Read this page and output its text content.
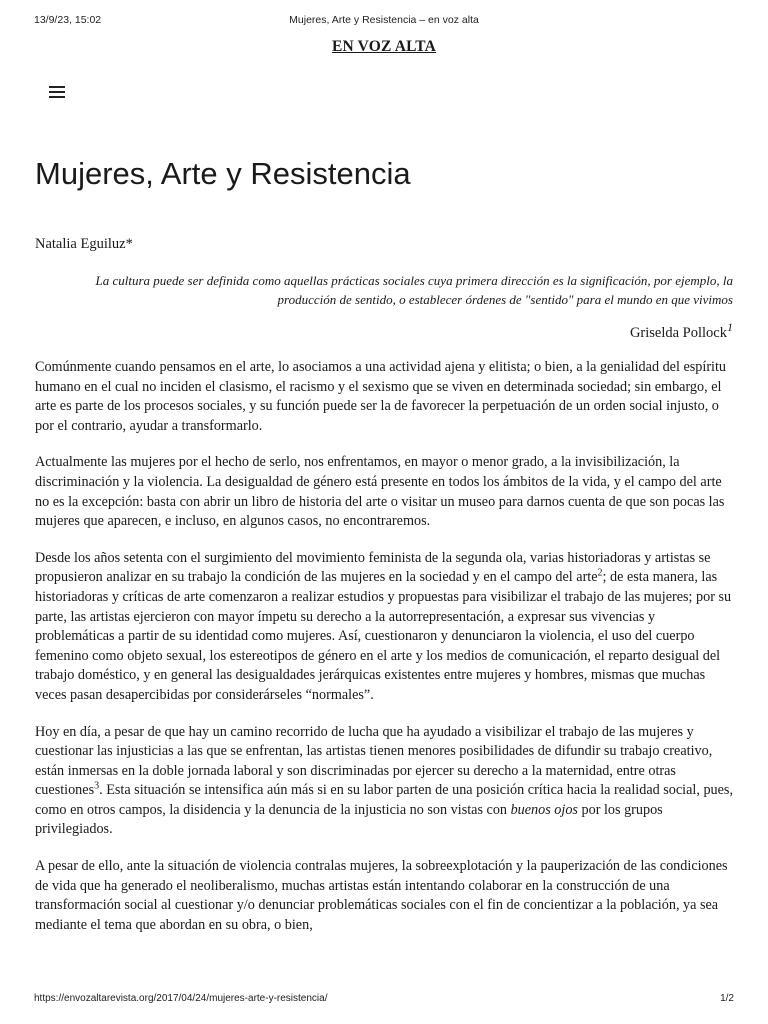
13/9/23, 15:02	Mujeres, Arte y Resistencia – en voz alta
EN VOZ ALTA
Mujeres, Arte y Resistencia
Natalia Eguiluz*
La cultura puede ser definida como aquellas prácticas sociales cuya primera dirección es la significación, por ejemplo, la producción de sentido, o establecer órdenes de "sentido" para el mundo en que vivimos
Griselda Pollock$^1$

Comúnmente cuando pensamos en el arte, lo asociamos a una actividad ajena y elitista; o bien, a la genialidad del espíritu humano en el cual no inciden el clasismo, el racismo y el sexismo que se viven en determinada sociedad; sin embargo, el arte es parte de los procesos sociales, y su función puede ser la de favorecer la perpetuación de un orden social injusto, o por el contrario, ayudar a transformarlo.

Actualmente las mujeres por el hecho de serlo, nos enfrentamos, en mayor o menor grado, a la invisibilización, la discriminación y la violencia. La desigualdad de género está presente en todos los ámbitos de la vida, y el campo del arte no es la excepción: basta con abrir un libro de historia del arte o visitar un museo para darnos cuenta de que son pocas las mujeres que aparecen, e incluso, en algunos casos, no encontraremos.

Desde los años setenta con el surgimiento del movimiento feminista de la segunda ola, varias historiadoras y artistas se propusieron analizar en su trabajo la condición de las mujeres en la sociedad y en el campo del arte$^2$; de esta manera, las historiadoras y críticas de arte comenzaron a realizar estudios y propuestas para visibilizar el trabajo de las mujeres; por su parte, las artistas ejercieron con mayor ímpetu su derecho a la autorrepresentación, a expresar sus vivencias y problemáticas a partir de su identidad como mujeres. Así, cuestionaron y denunciaron la violencia, el uso del cuerpo femenino como objeto sexual, los estereotipos de género en el arte y los medios de comunicación, el reparto desigual del trabajo doméstico, y en general las desigualdades jerárquicas existentes entre mujeres y hombres, mismas que muchas veces pasan desapercibidas por considerárseles “normales”.

Hoy en día, a pesar de que hay un camino recorrido de lucha que ha ayudado a visibilizar el trabajo de las mujeres y cuestionar las injusticias a las que se enfrentan, las artistas tienen menores posibilidades de difundir su trabajo creativo, están inmersas en la doble jornada laboral y son discriminadas por ejercer su derecho a la maternidad, entre otras cuestiones$^3$. Esta situación se intensifica aún más si en su labor parten de una posición crítica hacia la realidad social, pues, como en otros campos, la disidencia y la denuncia de la injusticia no son vistas con buenos ojos por los grupos privilegiados.

A pesar de ello, ante la situación de violencia contralas mujeres, la sobreexplotación y la pauperización de las condiciones de vida que ha generado el neoliberalismo, muchas artistas están intentando colaborar en la construcción de una transformación social al cuestionar y/o denunciar problemáticas sociales con el fin de concientizar a la población, ya sea mediante el tema que abordan en su obra, o bien,

https://envozaltarevista.org/2017/04/24/mujeres-arte-y-resistencia/	1/2
